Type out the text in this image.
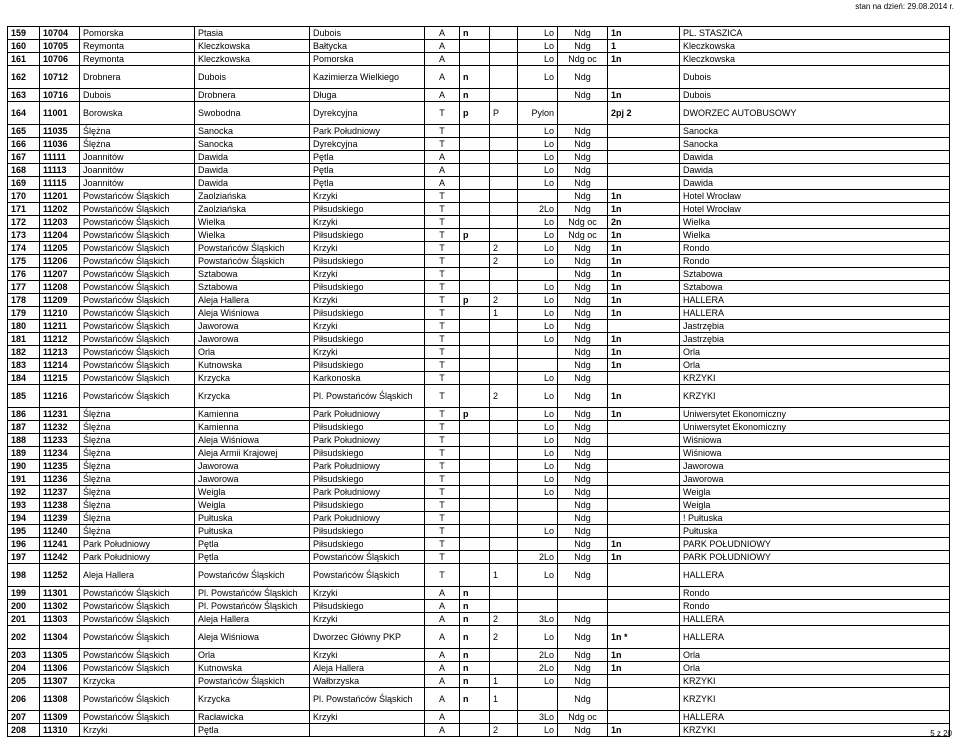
stan na dzień: 29.08.2014 r.
159	10704	Pomorska	Ptasia	Dubois	A	n		Lo	Ndg	1n	PL. STASZICA
160	10705	Reymonta	Kleczkowska	Bałtycka	A			Lo	Ndg	1	Kleczkowska
161	10706	Reymonta	Kleczkowska	Pomorska	A			Lo	Ndg oc	1n	Kleczkowska
162	10712	Drobnera	Dubois	Kazimierza Wielkiego	A	n		Lo	Ndg		Dubois
163	10716	Dubois	Drobnera	Długa	A	n			Ndg	1n	Dubois
164	11001	Borowska	Swobodna	Dyrekcyjna	T	p	P	Pylon		2pj 2	DWORZEC AUTOBUSOWY
165	11035	Ślężna	Sanocka	Park Południowy	T			Lo	Ndg		Sanocka
166	11036	Ślężna	Sanocka	Dyrekcyjna	T			Lo	Ndg		Sanocka
167	11111	Joannitów	Dawida	Pętla	A			Lo	Ndg		Dawida
168	11113	Joannitów	Dawida	Pętla	A			Lo	Ndg		Dawida
169	11115	Joannitów	Dawida	Pętla	A			Lo	Ndg		Dawida
170	11201	Powstańców Śląskich	Zaolziańska	Krzyki	T				Ndg	1n	Hotel Wrocław
171	11202	Powstańców Śląskich	Zaolziańska	Piłsudskiego	T			2Lo	Ndg	1n	Hotel Wrocław
172	11203	Powstańców Śląskich	Wielka	Krzyki	T			Lo	Ndg oc	2n	Wielka
173	11204	Powstańców Śląskich	Wielka	Piłsudskiego	T	p		Lo	Ndg oc	1n	Wielka
174	11205	Powstańców Śląskich	Powstańców Śląskich	Krzyki	T		2	Lo	Ndg	1n	Rondo
175	11206	Powstańców Śląskich	Powstańców Śląskich	Piłsudskiego	T		2	Lo	Ndg	1n	Rondo
176	11207	Powstańców Śląskich	Sztabowa	Krzyki	T				Ndg	1n	Sztabowa
177	11208	Powstańców Śląskich	Sztabowa	Piłsudskiego	T			Lo	Ndg	1n	Sztabowa
178	11209	Powstańców Śląskich	Aleja Hallera	Krzyki	T	p	2	Lo	Ndg	1n	HALLERA
179	11210	Powstańców Śląskich	Aleja Wiśniowa	Piłsudskiego	T		1	Lo	Ndg	1n	HALLERA
180	11211	Powstańców Śląskich	Jaworowa	Krzyki	T			Lo	Ndg		Jastrzębia
181	11212	Powstańców Śląskich	Jaworowa	Piłsudskiego	T			Lo	Ndg	1n	Jastrzębia
182	11213	Powstańców Śląskich	Orla	Krzyki	T				Ndg	1n	Orla
183	11214	Powstańców Śląskich	Kutnowska	Piłsudskiego	T				Ndg	1n	Orla
184	11215	Powstańców Śląskich	Krzycka	Karkonoska	T			Lo	Ndg		KRZYKI
185	11216	Powstańców Śląskich	Krzycka	Pl. Powstańców Śląskich	T		2	Lo	Ndg	1n	KRZYKI
186	11231	Ślężna	Kamienna	Park Południowy	T	p		Lo	Ndg	1n	Uniwersytet Ekonomiczny
187	11232	Ślężna	Kamienna	Piłsudskiego	T			Lo	Ndg		Uniwersytet Ekonomiczny
188	11233	Ślężna	Aleja Wiśniowa	Park Południowy	T			Lo	Ndg		Wiśniowa
189	11234	Ślężna	Aleja Armii Krajowej	Piłsudskiego	T			Lo	Ndg		Wiśniowa
190	11235	Ślężna	Jaworowa	Park Południowy	T			Lo	Ndg		Jaworowa
191	11236	Ślężna	Jaworowa	Piłsudskiego	T			Lo	Ndg		Jaworowa
192	11237	Ślężna	Weigla	Park Południowy	T			Lo	Ndg		Weigla
193	11238	Ślężna	Weigla	Piłsudskiego	T				Ndg		Weigla
194	11239	Ślężna	Pułtuska	Park Południowy	T				Ndg		! Pułtuska
195	11240	Ślężna	Pułtuska	Piłsudskiego	T			Lo	Ndg		Pułtuska
196	11241	Park Południowy	Pętla	Piłsudskiego	T				Ndg	1n	PARK POŁUDNIOWY
197	11242	Park Południowy	Pętla	Powstańców Śląskich	T			2Lo	Ndg	1n	PARK POŁUDNIOWY
198	11252	Aleja Hallera	Powstańców Śląskich	Powstańców Śląskich	T		1	Lo	Ndg		HALLERA
199	11301	Powstańców Śląskich	Pl. Powstańców Śląskich	Krzyki	A	n					Rondo
200	11302	Powstańców Śląskich	Pl. Powstańców Śląskich	Piłsudskiego	A	n					Rondo
201	11303	Powstańców Śląskich	Aleja Hallera	Krzyki	A	n	2	3Lo	Ndg		HALLERA
202	11304	Powstańców Śląskich	Aleja Wiśniowa	Dworzec Główny PKP	A	n	2	Lo	Ndg	1n *	HALLERA
203	11305	Powstańców Śląskich	Orla	Krzyki	A	n		2Lo	Ndg	1n	Orla
204	11306	Powstańców Śląskich	Kutnowska	Aleja Hallera	A	n		2Lo	Ndg	1n	Orla
205	11307	Krzycka	Powstańców Śląskich	Wałbrzyska	A	n	1	Lo	Ndg		KRZYKI
206	11308	Powstańców Śląskich	Krzycka	Pl. Powstańców Śląskich	A	n	1		Ndg		KRZYKI
207	11309	Powstańców Śląskich	Racławicka	Krzyki	A			3Lo	Ndg oc		HALLERA
208	11310	Krzyki	Pętla		A		2	Lo	Ndg	1n	KRZYKI	5 z 20
